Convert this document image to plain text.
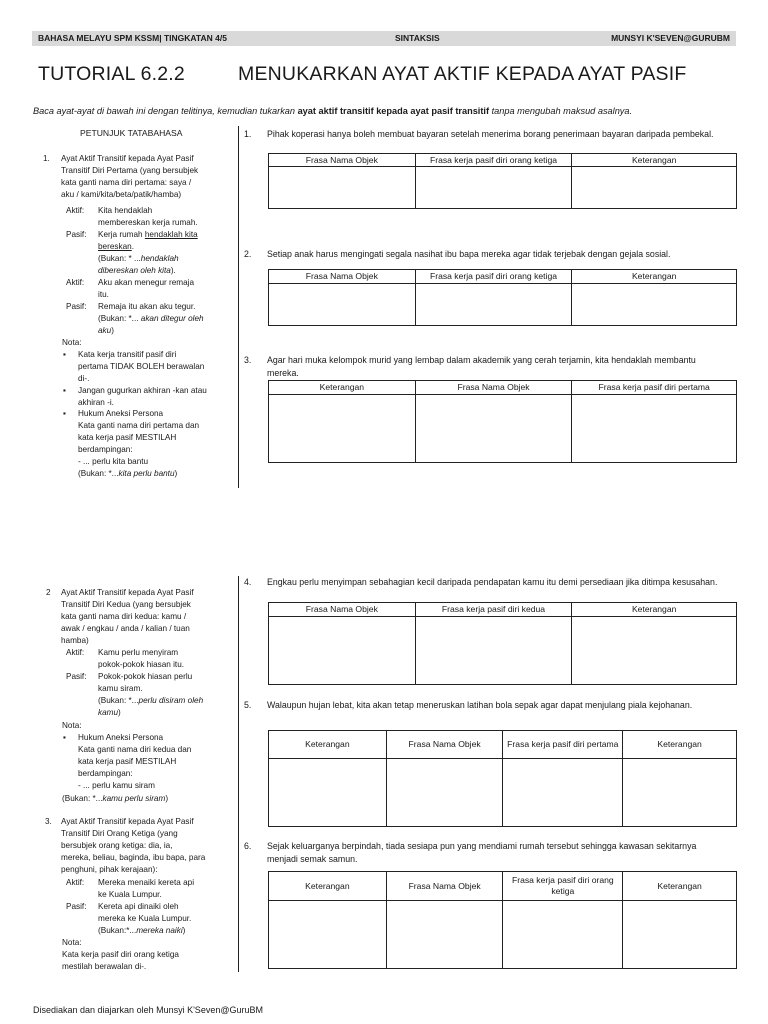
BAHASA MELAYU SPM KSSM| TINGKATAN 4/5	SINTAKSIS	MUNSYI K'SEVEN@GURUBM
TUTORIAL 6.2.2	MENUKARKAN AYAT AKTIF KEPADA AYAT PASIF
Baca ayat-ayat di bawah ini dengan telitinya, kemudian tukarkan ayat aktif transitif kepada ayat pasif transitif tanpa mengubah maksud asalnya.
PETUNJUK TATABAHASA
1. Ayat Aktif Transitif kepada Ayat Pasif
Transitif Diri Pertama (yang bersubjek
kata ganti nama diri pertama: saya /
aku / kami/kita/beta/patik/hamba)
Aktif: Kita hendaklah
membereskan kerja rumah.
Pasif: Kerja rumah hendaklah kita
bereskan.
(Bukan: * ...hendaklah
dibereskan oleh kita).
Aktif: Aku akan menegur remaja
itu.
Pasif: Remaja itu akan aku tegur.
(Bukan: *... akan ditegur oleh
aku)
Nota:
▪ Kata kerja transitif pasif diri
pertama TIDAK BOLEH berawalan
di-.
▪ Jangan gugurkan akhiran -kan atau
akhiran -i.
▪ Hukum Aneksi Persona
Kata ganti nama diri pertama dan
kata kerja pasif MESTILAH
berdampingan:
- ... perlu kita bantu
(Bukan: *...kita perlu bantu)
2 Ayat Aktif Transitif kepada Ayat Pasif
Transitif Diri Kedua (yang bersubjek
kata ganti nama diri kedua: kamu /
awak / engkau / anda / kalian / tuan
hamba)
Aktif: Kamu perlu menyiram
pokok-pokok hiasan itu.
Pasif: Pokok-pokok hiasan perlu
kamu siram.
(Bukan: *...perlu disiram oleh
kamu)
Nota:
▪ Hukum Aneksi Persona
Kata ganti nama diri kedua dan
kata kerja pasif MESTILAH
berdampingan:
- ... perlu kamu siram
(Bukan: *...kamu perlu siram)
3. Ayat Aktif Transitif kepada Ayat Pasif
Transitif Diri Orang Ketiga (yang
bersubjek orang ketiga: dia, ia,
mereka, beliau, baginda, ibu bapa, para
penghuni, pihak kerajaan):
Aktif: Mereka menaiki kereta api
ke Kuala Lumpur.
Pasif: Kereta api dinaiki oleh
mereka ke Kuala Lumpur.
(Bukan:*...mereka naiki)
Nota:
Kata kerja pasif diri orang ketiga
mestilah berawalan di-.
1. Pihak koperasi hanya boleh membuat bayaran setelah menerima borang penerimaan bayaran daripada pembekal.
Frasa Nama Objek	Frasa kerja pasif diri orang ketiga	Keterangan

2. Setiap anak harus mengingati segala nasihat ibu bapa mereka agar tidak terjebak dengan gejala sosial.
Frasa Nama Objek	Frasa kerja pasif diri orang ketiga	Keterangan

3. Agar hari muka kelompok murid yang lembap dalam akademik yang cerah terjamin, kita hendaklah membantu mereka.
Keterangan	Frasa Nama Objek	Frasa kerja pasif diri pertama

4. Engkau perlu menyimpan sebahagian kecil daripada pendapatan kamu itu demi persediaan jika ditimpa kesusahan.
Frasa Nama Objek	Frasa kerja pasif diri kedua	Keterangan

5. Walaupun hujan lebat, kita akan tetap meneruskan latihan bola sepak agar dapat menjulang piala kejohanan.
Keterangan	Frasa Nama Objek	Frasa kerja pasif diri pertama	Keterangan

6. Sejak keluarganya berpindah, tiada sesiapa pun yang mendiami rumah tersebut sehingga kawasan sekitarnya menjadi semak samun.
Keterangan	Frasa Nama Objek	Frasa kerja pasif diri orang ketiga	Keterangan

Disediakan dan diajarkan oleh Munsyi K'Seven@GuruBM
